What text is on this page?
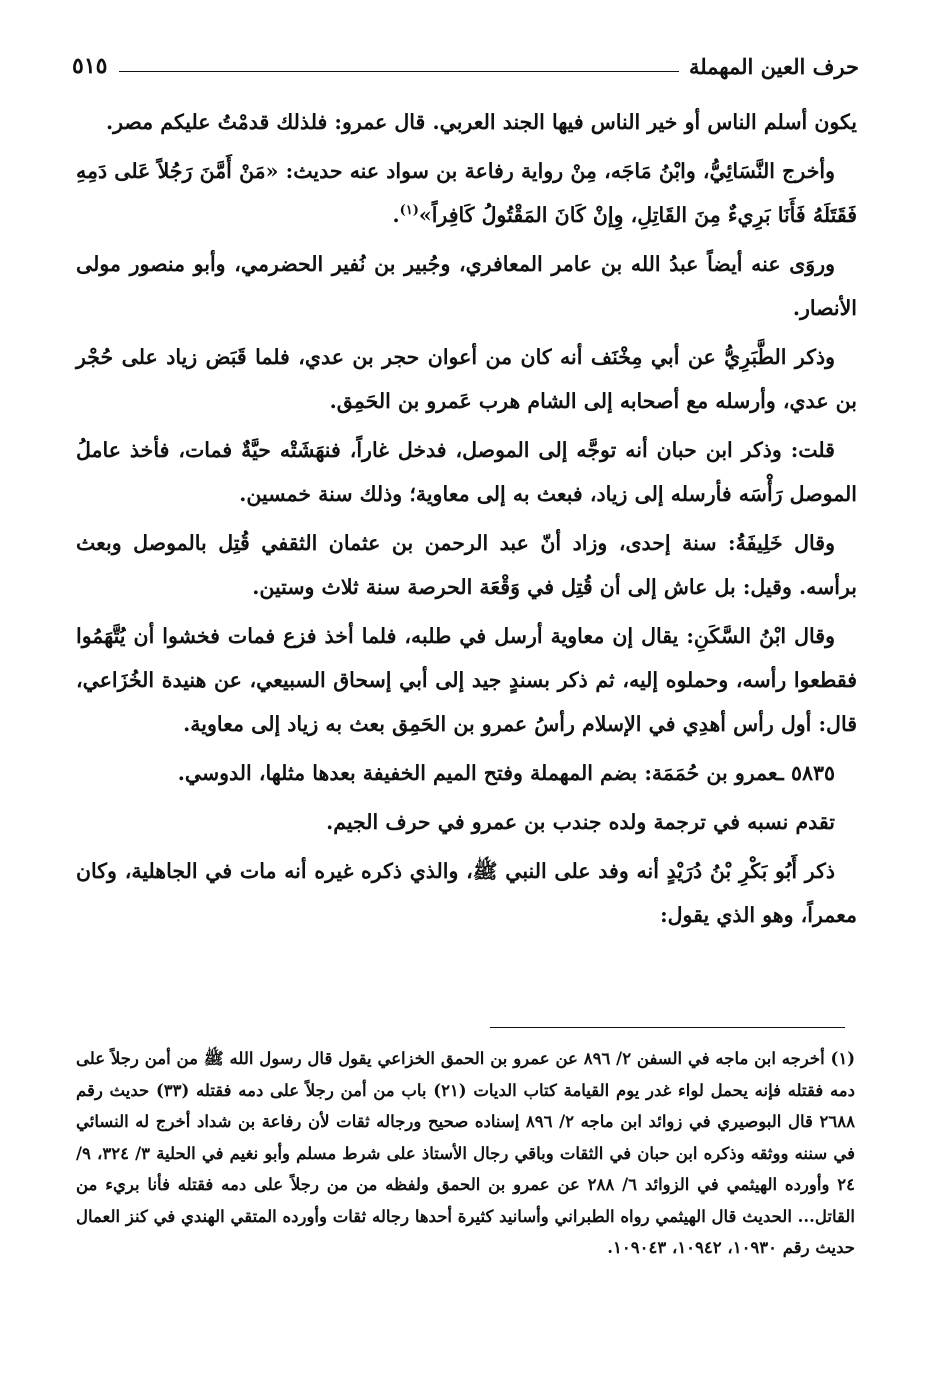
حرف العين المهملة
٥١٥

يكون أسلم الناس أو خير الناس فيها الجند العربي. قال عمرو: فلذلك قدمْتُ عليكم مصر.

وأخرج النَّسَائِيُّ، وابْنُ مَاجَه، مِنْ رواية رفاعة بن سواد عنه حديث: «مَنْ أَمَّنَ رَجُلاً عَلى دَمِهِ فَقَتَلَهُ فَأَنَا بَرِيءٌ مِنَ القَاتِلِ، وِإنْ كَانَ المَقْتُولُ كَافِراً»$^{(١)}$.

وروَى عنه أيضاً عبدُ الله بن عامر المعافري، وجُبير بن نُفير الحضرمي، وأبو منصور مولى الأنصار.

وذكر الطَّبَرِيُّ عن أبي مِخْنَف أنه كان من أعوان حجر بن عدي، فلما قَبَض زياد على حُجْر بن عدي، وأرسله مع أصحابه إلى الشام هرب عَمرو بن الحَمِق.

قلت: وذكر ابن حبان أنه توجَّه إلى الموصل، فدخل غاراً، فنهَشَتْه حيَّةٌ فمات، فأخذ عاملُ الموصل رَأْسَه فأرسله إلى زياد، فبعث به إلى معاوية؛ وذلك سنة خمسين.

وقال خَلِيفَةُ: سنة إحدى، وزاد أنّ عبد الرحمن بن عثمان الثقفي قُتِل بالموصل وبعث برأسه. وقيل: بل عاش إلى أن قُتِل في وَقْعَة الحرصة سنة ثلاث وستين.

وقال ابْنُ السَّكَنِ: يقال إن معاوية أرسل في طلبه، فلما أخذ فزع فمات فخشوا أن يُتَّهَمُوا فقطعوا رأسه، وحملوه إليه، ثم ذكر بسندٍ جيد إلى أبي إسحاق السبيعي، عن هنيدة الخُزَاعي، قال: أول رأس أهدِي في الإسلام رأسُ عمرو بن الحَمِق بعث به زياد إلى معاوية.

٥٨٣٥ ـعمرو بن حُمَمَة: بضم المهملة وفتح الميم الخفيفة بعدها مثلها، الدوسي.

تقدم نسبه في ترجمة ولده جندب بن عمرو في حرف الجيم.

ذكر أَبُو بَكْرِ بْنُ دُرَيْدٍ أنه وفد على النبي ﷺ، والذي ذكره غيره أنه مات في الجاهلية، وكان معمراً، وهو الذي يقول:

(١) أخرجه ابن ماجه في السفن ٢/ ٨٩٦ عن عمرو بن الحمق الخزاعي يقول قال رسول الله ﷺ من أمن رجلاً على دمه فقتله فإنه يحمل لواء غدر يوم القيامة كتاب الديات (٢١) باب من أمن رجلاً على دمه فقتله (٣٣) حديث رقم ٢٦٨٨ قال البوصيري في زوائد ابن ماجه ٢/ ٨٩٦ إسناده صحيح ورجاله ثقات لأن رفاعة بن شداد أخرج له النسائي في سننه ووثقه وذكره ابن حبان في الثقات وباقي رجال الأستاذ على شرط مسلم وأبو نغيم في الحلية ٣/ ٣٢٤، ٩/ ٢٤ وأورده الهيثمي في الزوائد ٦/ ٢٨٨ عن عمرو بن الحمق ولفظه من من رجلاً على دمه فقتله فأنا بريء من القاتل... الحديث قال الهيثمي رواه الطبراني وأسانيد كثيرة أحدها رجاله ثقات وأورده المتقي الهندي في كنز العمال حديث رقم ١٠٩٣٠، ١٠٩٤٢، ١٠٩٠٤٣.
